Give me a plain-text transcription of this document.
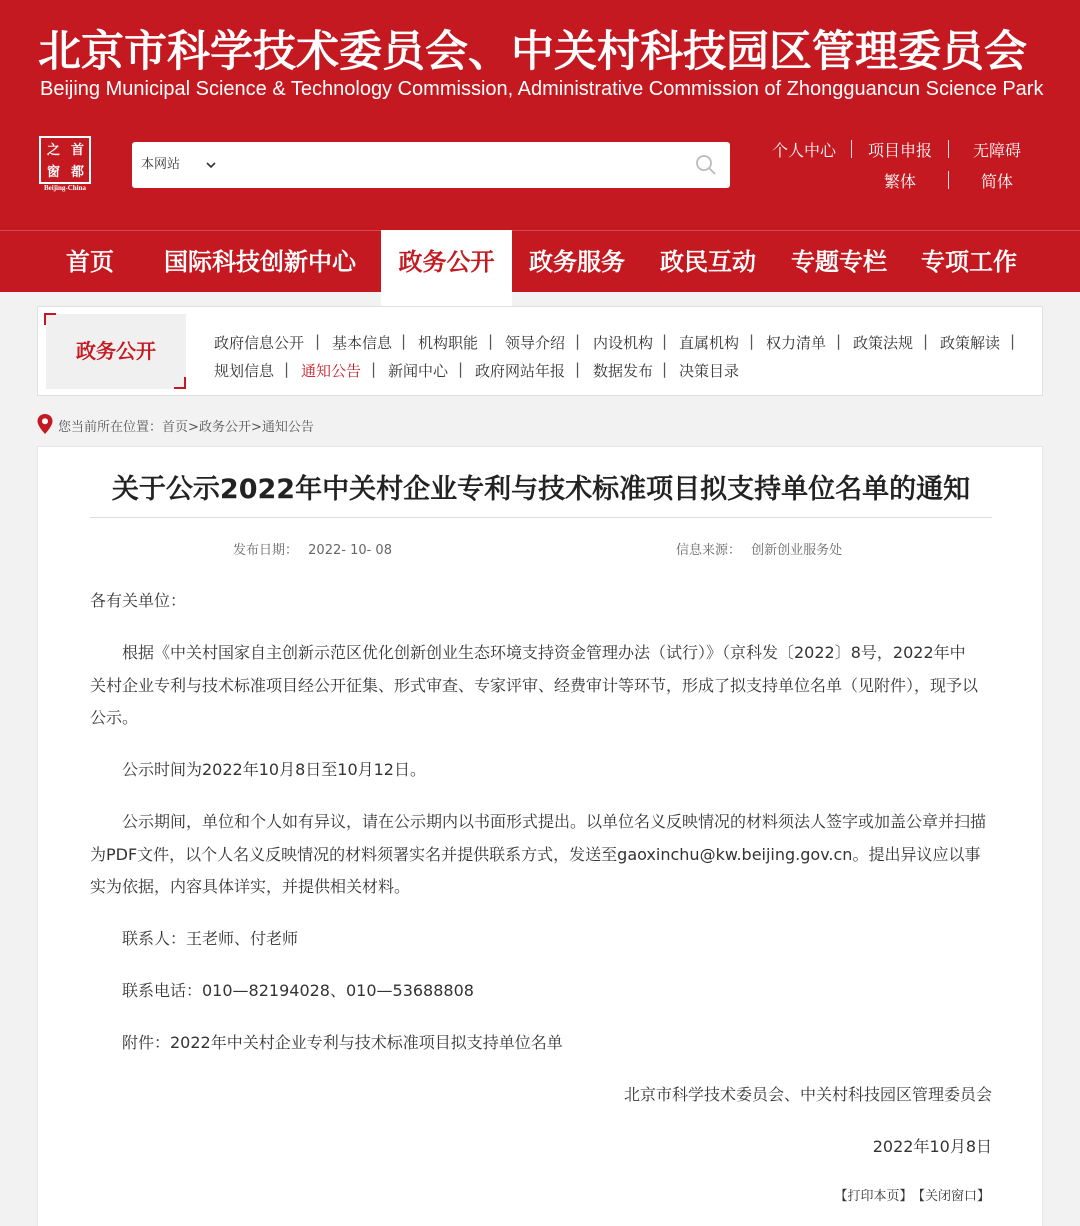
北京市科学技术委员会、中关村科技园区管理委员会
Beijing Municipal Science & Technology Commission, Administrative Commission of Zhongguancun Science Park
之 首
窗 都
Beijing-China
本网站
个人中心 项目申报	无障碍
繁体	简体
首页	国际科技创新中心	政务公开	政务服务	政民互动	专题专栏	专项工作
政务公开	政府信息公开 | 基本信息 | 机构职能 | 领导介绍 | 内设机构 | 直属机构 | 权力清单 | 政策法规 | 政策解读 |
规划信息 | 通知公告 | 新闻中心 | 政府网站年报 | 数据发布 | 决策目录
您当前所在位置：首页>政务公开>通知公告
关于公示2022年中关村企业专利与技术标准项目拟支持单位名单的通知
发布日期： 2022- 10- 08	信息来源： 创新创业服务处
各有关单位：
根据《中关村国家自主创新示范区优化创新创业生态环境支持资金管理办法（试行）》（京科发〔2022〕8号，2022年中
关村企业专利与技术标准项目经公开征集、形式审查、专家评审、经费审计等环节，形成了拟支持单位名单（见附件），现予以
公示。
公示时间为2022年10月8日至10月12日。
公示期间，单位和个人如有异议，请在公示期内以书面形式提出。以单位名义反映情况的材料须法人签字或加盖公章并扫描
为PDF文件，以个人名义反映情况的材料须署实名并提供联系方式，发送至gaoxinchu@kw.beijing.gov.cn。提出异议应以事
实为依据，内容具体详实，并提供相关材料。
联系人：王老师、付老师
联系电话：010—82194028、010—53688808
附件：2022年中关村企业专利与技术标准项目拟支持单位名单
北京市科学技术委员会、中关村科技园区管理委员会
2022年10月8日
【打印本页】 【关闭窗口】
